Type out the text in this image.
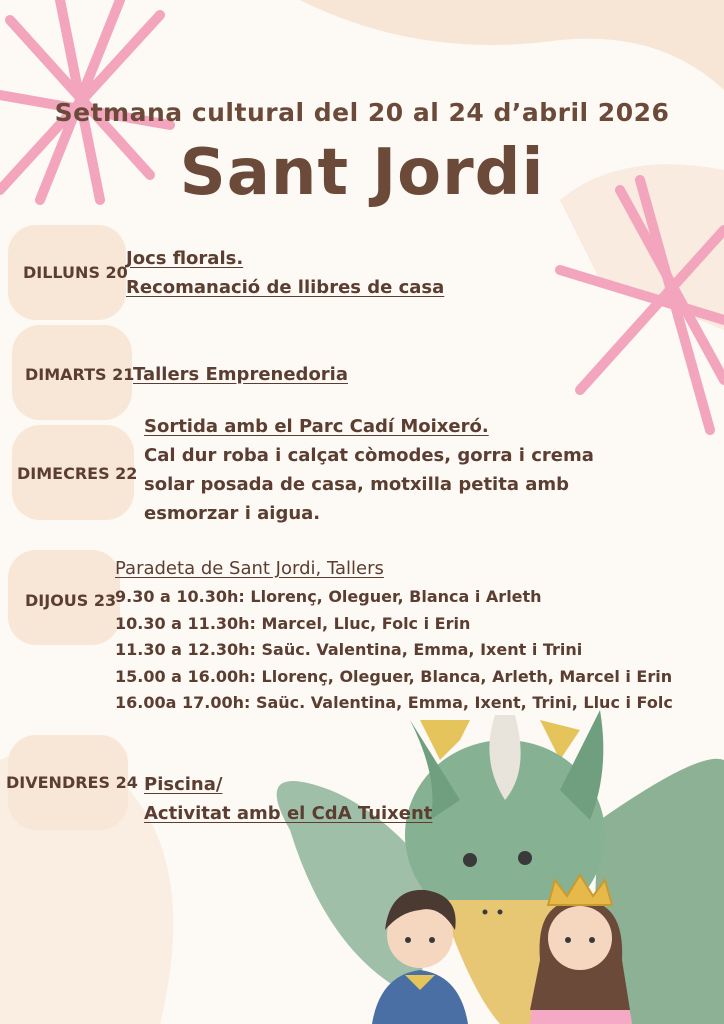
Setmana cultural del 20 al 24 d’abril 2026
Sant Jordi
DILLUNS 20
DIMARTS 21
DIMECRES 22
DIJOUS 23
DIVENDRES 24
Jocs florals.
Recomanació de llibres de casa
Tallers Emprenedoria
Sortida amb el Parc Cadí Moixeró.
Cal dur roba i calçat còmodes, gorra i crema
solar posada de casa, motxilla petita amb
esmorzar i aigua.
Paradeta de Sant Jordi, Tallers
9.30 a 10.30h: Llorenç, Oleguer, Blanca i Arleth
10.30 a 11.30h: Marcel, Lluc, Folc i Erin
11.30 a 12.30h: Saüc. Valentina, Emma, Ixent i Trini
15.00 a 16.00h: Llorenç, Oleguer, Blanca, Arleth, Marcel i Erin
16.00a 17.00h: Saüc. Valentina, Emma, Ixent, Trini, Lluc i Folc
Piscina/
Activitat amb el CdA Tuixent
